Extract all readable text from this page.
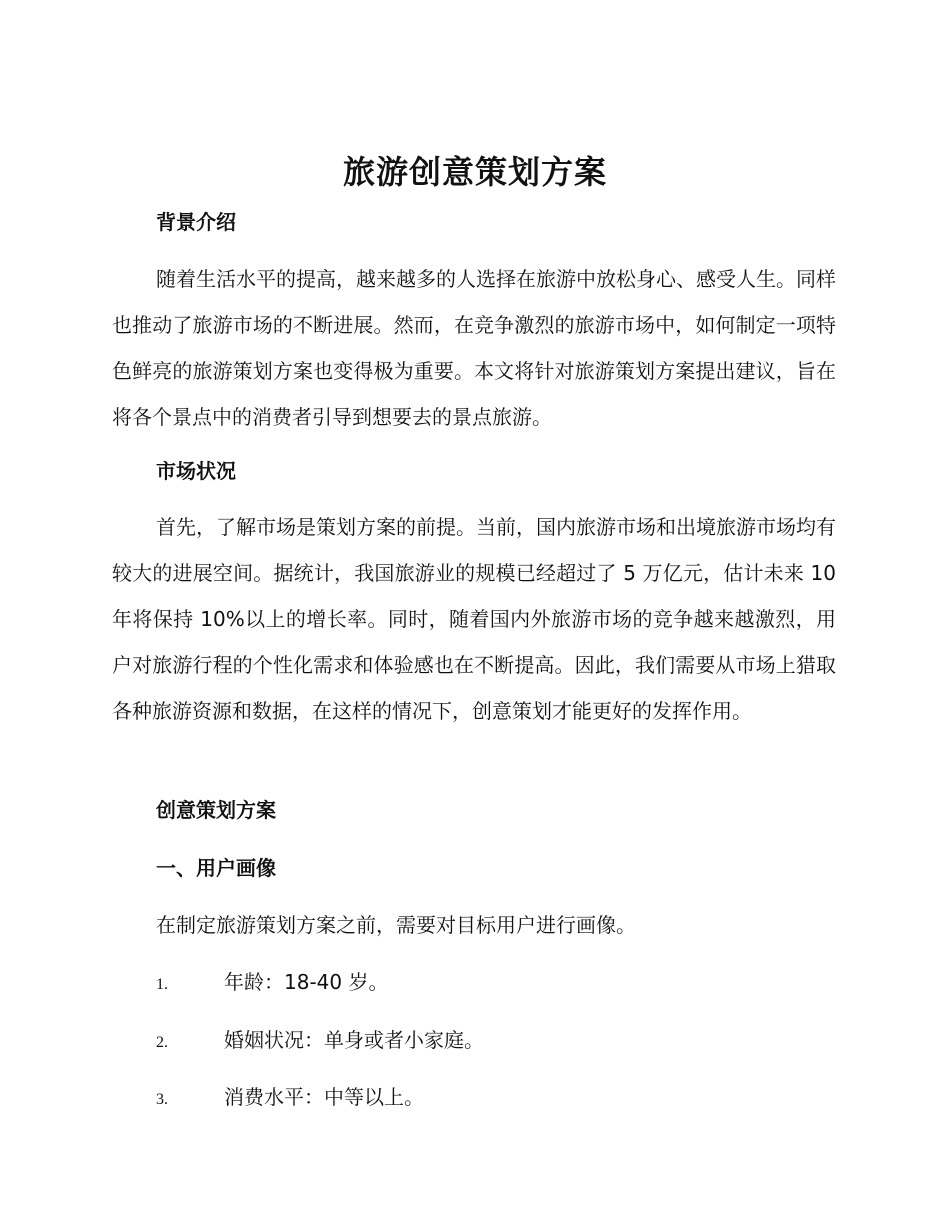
旅游创意策划方案
背景介绍

随着生活水平的提高，越来越多的人选择在旅游中放松身心、感受人生。同样也推动了旅游市场的不断进展。然而，在竞争激烈的旅游市场中，如何制定一项特色鲜亮的旅游策划方案也变得极为重要。本文将针对旅游策划方案提出建议，旨在将各个景点中的消费者引导到想要去的景点旅游。

市场状况

首先，了解市场是策划方案的前提。当前，国内旅游市场和出境旅游市场均有较大的进展空间。据统计，我国旅游业的规模已经超过了 5 万亿元，估计未来 10 年将保持 10%以上的增长率。同时，随着国内外旅游市场的竞争越来越激烈，用户对旅游行程的个性化需求和体验感也在不断提高。因此，我们需要从市场上猎取各种旅游资源和数据，在这样的情况下，创意策划才能更好的发挥作用。

创意策划方案
一、用户画像
在制定旅游策划方案之前，需要对目标用户进行画像。
1.	年龄：18-40 岁。
2.	婚姻状况：单身或者小家庭。
3.	消费水平：中等以上。
